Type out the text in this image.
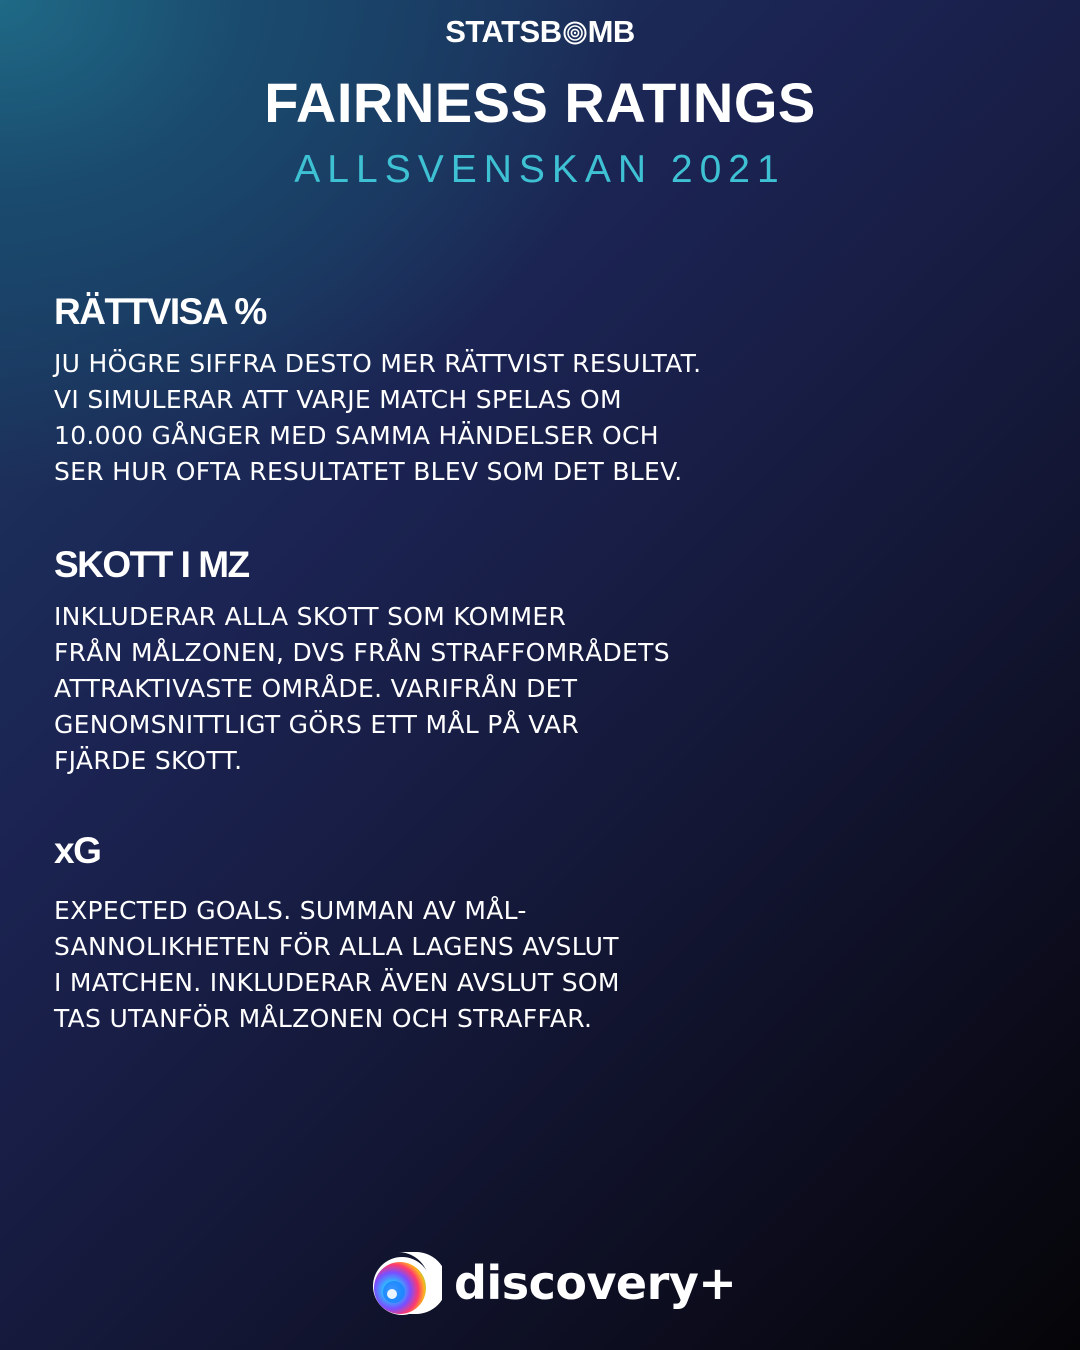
STATSB MB
FAIRNESS RATINGS
ALLSVENSKAN 2021
RÄTTVISA %

JU HÖGRE SIFFRA DESTO MER RÄTTVIST RESULTAT.
VI SIMULERAR ATT VARJE MATCH SPELAS OM
10.000 GÅNGER MED SAMMA HÄNDELSER OCH
SER HUR OFTA RESULTATET BLEV SOM DET BLEV.

SKOTT I MZ

INKLUDERAR ALLA SKOTT SOM KOMMER
FRÅN MÅLZONEN, DVS FRÅN STRAFFOMRÅDETS
ATTRAKTIVASTE OMRÅDE. VARIFRÅN DET
GENOMSNITTLIGT GÖRS ETT MÅL PÅ VAR
FJÄRDE SKOTT.

xG

EXPECTED GOALS. SUMMAN AV MÅL-
SANNOLIKHETEN FÖR ALLA LAGENS AVSLUT
I MATCHEN. INKLUDERAR ÄVEN AVSLUT SOM
TAS UTANFÖR MÅLZONEN OCH STRAFFAR.

discovery+
